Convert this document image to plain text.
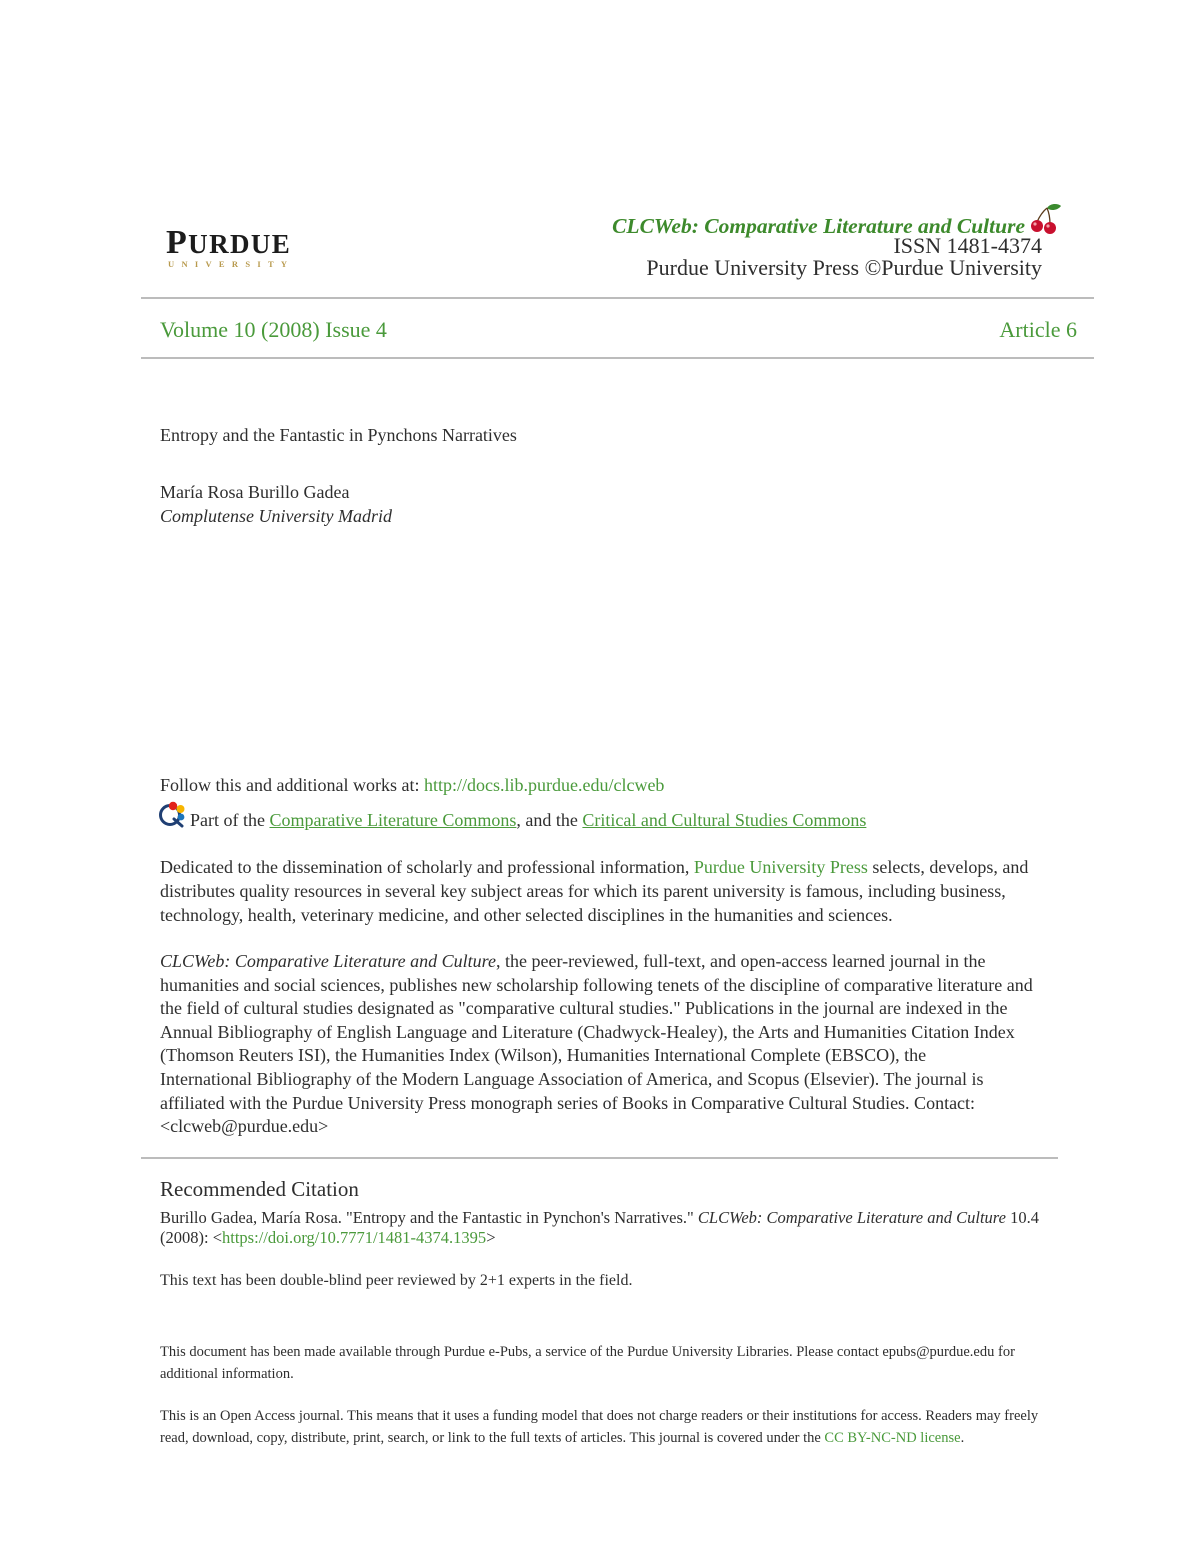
PURDUE
UNIVERSITY
CLCWeb: Comparative Literature and Culture
ISSN 1481-4374
Purdue University Press ©Purdue University
Volume 10 (2008) Issue 4	Article 6
Entropy and the Fantastic in Pynchons Narratives
María Rosa Burillo Gadea
Complutense University Madrid
Follow this and additional works at: http://docs.lib.purdue.edu/clcweb
Part of the Comparative Literature Commons, and the Critical and Cultural Studies Commons
Dedicated to the dissemination of scholarly and professional information, Purdue University Press selects, develops, and
distributes quality resources in several key subject areas for which its parent university is famous, including business,
technology, health, veterinary medicine, and other selected disciplines in the humanities and sciences.
CLCWeb: Comparative Literature and Culture, the peer-reviewed, full-text, and open-access learned journal in the
humanities and social sciences, publishes new scholarship following tenets of the discipline of comparative literature and
the field of cultural studies designated as "comparative cultural studies." Publications in the journal are indexed in the
Annual Bibliography of English Language and Literature (Chadwyck-Healey), the Arts and Humanities Citation Index
(Thomson Reuters ISI), the Humanities Index (Wilson), Humanities International Complete (EBSCO), the
International Bibliography of the Modern Language Association of America, and Scopus (Elsevier). The journal is
affiliated with the Purdue University Press monograph series of Books in Comparative Cultural Studies. Contact:
<clcweb@purdue.edu>
Recommended Citation
Burillo Gadea, María Rosa. "Entropy and the Fantastic in Pynchon's Narratives." CLCWeb: Comparative Literature and Culture 10.4
(2008): <https://doi.org/10.7771/1481-4374.1395>
This text has been double-blind peer reviewed by 2+1 experts in the field.
This document has been made available through Purdue e-Pubs, a service of the Purdue University Libraries. Please contact epubs@purdue.edu for
additional information.
This is an Open Access journal. This means that it uses a funding model that does not charge readers or their institutions for access. Readers may freely
read, download, copy, distribute, print, search, or link to the full texts of articles. This journal is covered under the CC BY-NC-ND license.
